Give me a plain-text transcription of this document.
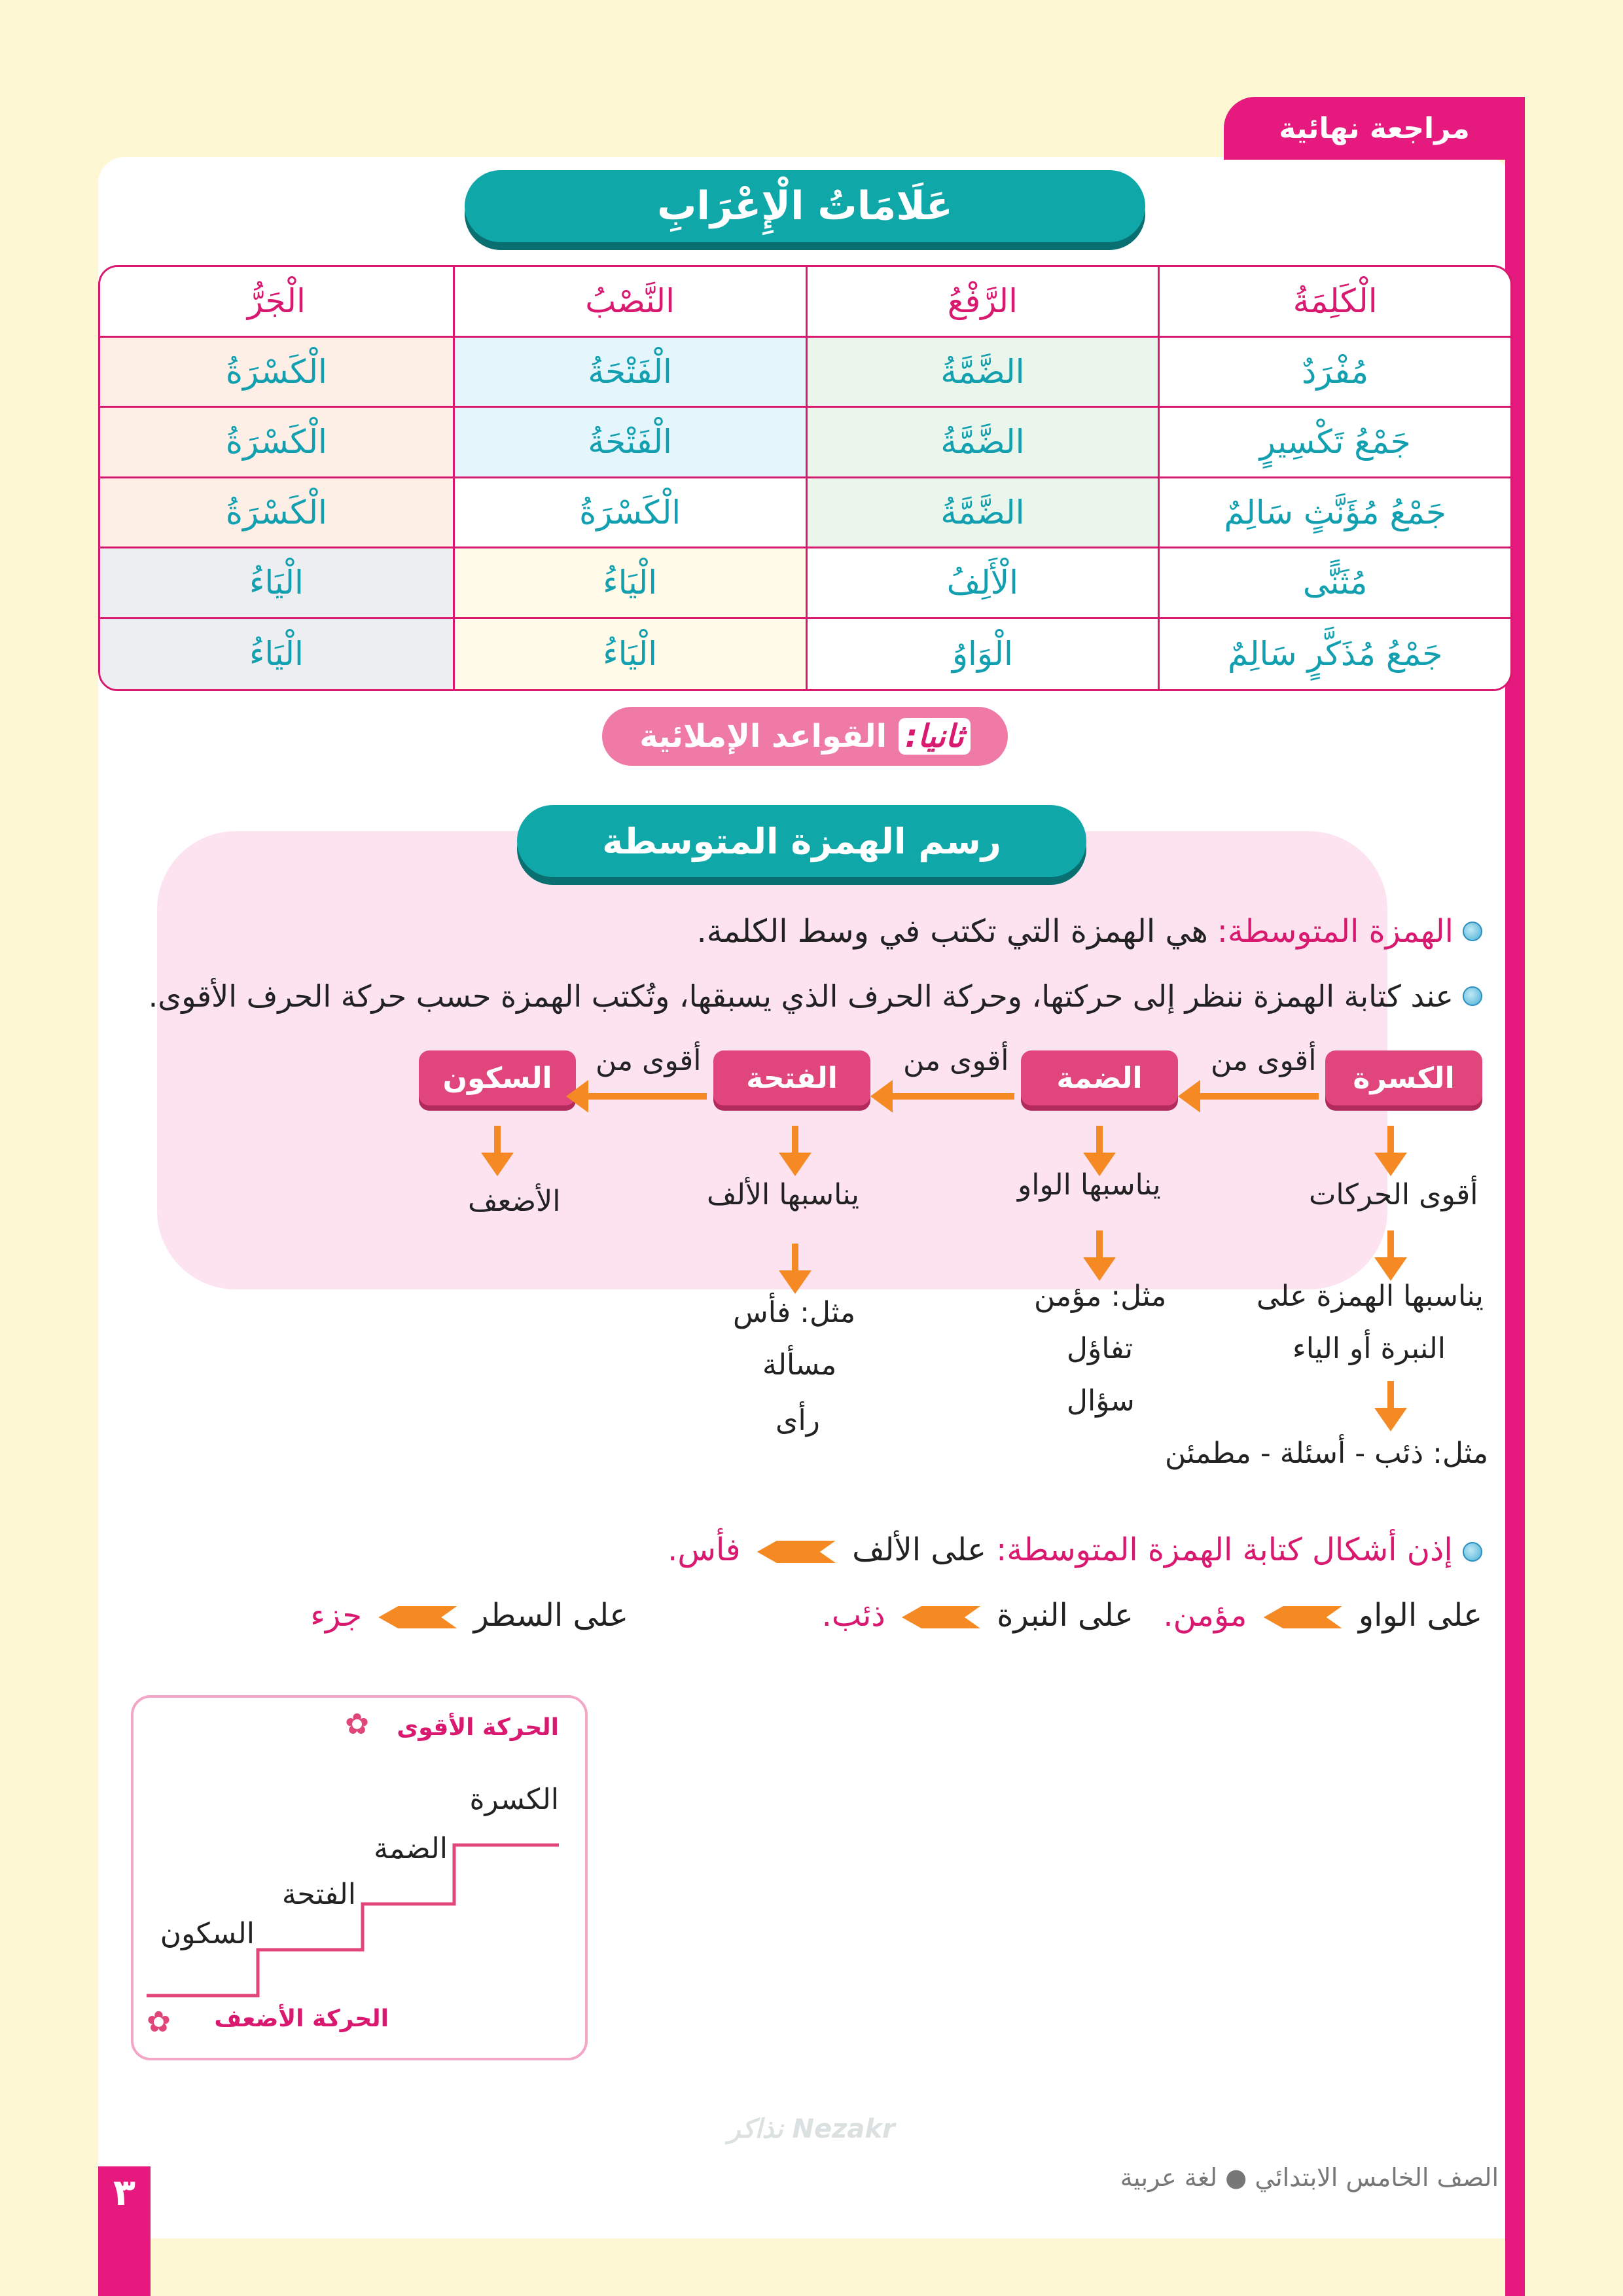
مراجعة نهائية
عَلَامَاتُ الْإِعْرَابِ
الْكَلِمَةُ
الرَّفْعُ
النَّصْبُ
الْجَرُّ
مُفْرَدٌ
الضَّمَّةُ
الْفَتْحَةُ
الْكَسْرَةُ
جَمْعُ تَكْسِيرٍ
الضَّمَّةُ
الْفَتْحَةُ
الْكَسْرَةُ
جَمْعُ مُؤَنَّثٍ سَالِمٌ
الضَّمَّةُ
الْكَسْرَةُ
الْكَسْرَةُ
مُثَنًّى
الْأَلِفُ
الْيَاءُ
الْيَاءُ
جَمْعُ مُذَكَّرٍ سَالِمٌ
الْوَاوُ
الْيَاءُ
الْيَاءُ
ثانيا:
القواعد الإملائية
رسم الهمزة المتوسطة
الهمزة المتوسطة:
هي الهمزة التي تكتب في وسط الكلمة.
عند كتابة الهمزة ننظر إلى حركتها، وحركة الحرف الذي يسبقها، وتُكتب الهمزة حسب حركة الحرف الأقوى.
الكسرة
الضمة
الفتحة
السكون
أقوى من
أقوى من
أقوى من
أقوى الحركات
يناسبها الواو
يناسبها الألف
الأضعف
يناسبها الهمزة على
النبرة أو الياء
مثل: ذئب - أسئلة - مطمئن
مثل: مؤمن
تفاؤل
سؤال
مثل: فأس
مسألة
رأى
إذن أشكال كتابة الهمزة المتوسطة: على الألف  فأس.
على الواو  مؤمن.   على النبرة  ذئب.
على السطر  جزء
الحركة الأقوى
✿
الكسرة
الضمة
الفتحة
السكون
الحركة الأضعف
✿
Nezakr نذاكر
الصف الخامس الابتدائي ● لغة عربية
٣
